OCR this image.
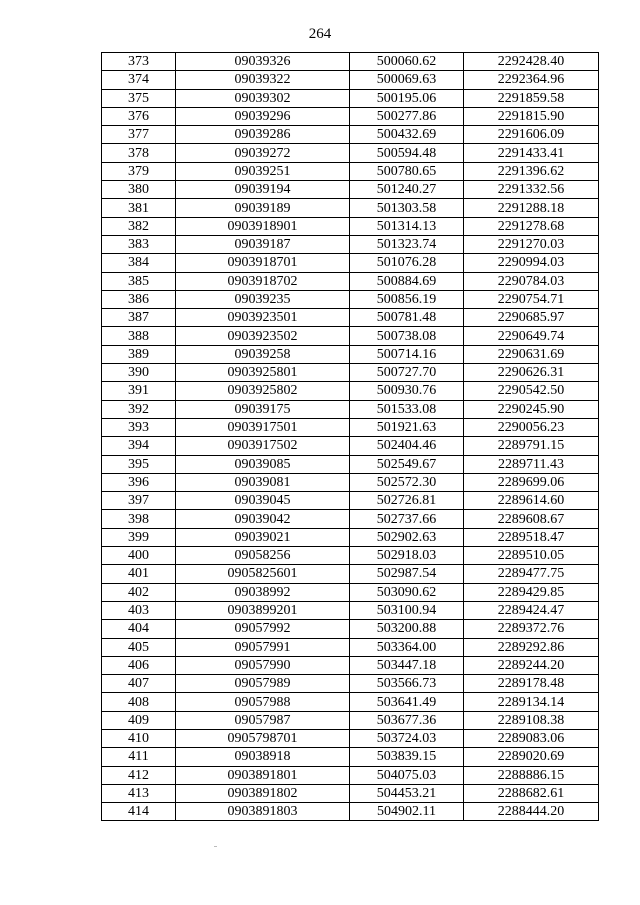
264
373	09039326	500060.62	2292428.40
374	09039322	500069.63	2292364.96
375	09039302	500195.06	2291859.58
376	09039296	500277.86	2291815.90
377	09039286	500432.69	2291606.09
378	09039272	500594.48	2291433.41
379	09039251	500780.65	2291396.62
380	09039194	501240.27	2291332.56
381	09039189	501303.58	2291288.18
382	0903918901	501314.13	2291278.68
383	09039187	501323.74	2291270.03
384	0903918701	501076.28	2290994.03
385	0903918702	500884.69	2290784.03
386	09039235	500856.19	2290754.71
387	0903923501	500781.48	2290685.97
388	0903923502	500738.08	2290649.74
389	09039258	500714.16	2290631.69
390	0903925801	500727.70	2290626.31
391	0903925802	500930.76	2290542.50
392	09039175	501533.08	2290245.90
393	0903917501	501921.63	2290056.23
394	0903917502	502404.46	2289791.15
395	09039085	502549.67	2289711.43
396	09039081	502572.30	2289699.06
397	09039045	502726.81	2289614.60
398	09039042	502737.66	2289608.67
399	09039021	502902.63	2289518.47
400	09058256	502918.03	2289510.05
401	0905825601	502987.54	2289477.75
402	09038992	503090.62	2289429.85
403	0903899201	503100.94	2289424.47
404	09057992	503200.88	2289372.76
405	09057991	503364.00	2289292.86
406	09057990	503447.18	2289244.20
407	09057989	503566.73	2289178.48
408	09057988	503641.49	2289134.14
409	09057987	503677.36	2289108.38
410	0905798701	503724.03	2289083.06
411	09038918	503839.15	2289020.69
412	0903891801	504075.03	2288886.15
413	0903891802	504453.21	2288682.61
414	0903891803	504902.11	2288444.20
